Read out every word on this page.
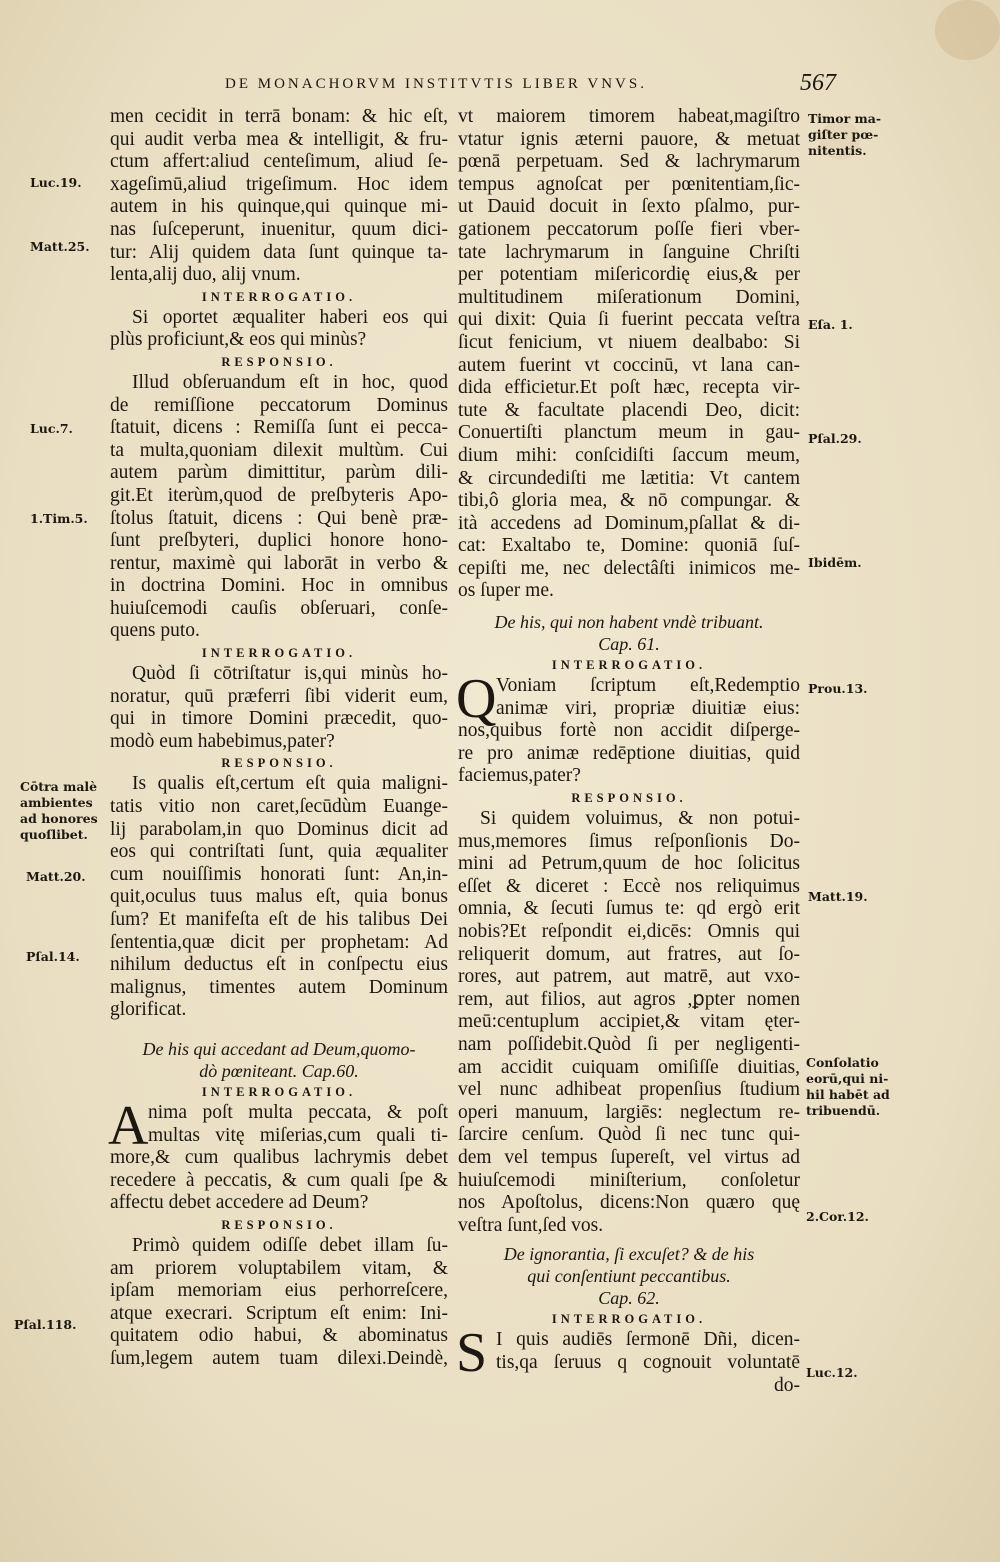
DE MONACHORVM INSTITVTIS LIBER VNVS.	567
men cecidit in terrā bonam: & hic eſt,
qui audit verba mea & intelligit, & fru-
ctum affert:aliud centeſimum, aliud ſe-
xageſimū,aliud trigeſimum. Hoc idem
autem in his quinque,qui quinque mi-
nas ſuſceperunt, inuenitur, quum dici-
tur: Alij quidem data ſunt quinque ta-
lenta,alij duo, alij vnum.
INTERROGATIO.
Si oportet æqualiter haberi eos qui
plùs proficiunt,& eos qui minùs?
RESPONSIO.
Illud obſeruandum eſt in hoc, quod
de remiſſione peccatorum Dominus
ſtatuit, dicens : Remiſſa ſunt ei pecca-
ta multa,quoniam dilexit multùm. Cui
autem parùm dimittitur, parùm dili-
git.Et iterùm,quod de preſbyteris Apo-
ſtolus ſtatuit, dicens : Qui benè præ-
ſunt preſbyteri, duplici honore hono-
rentur, maximè qui laborāt in verbo &
in doctrina Domini. Hoc in omnibus
huiuſcemodi cauſis obſeruari, conſe-
quens puto.
INTERROGATIO.
Quòd ſi cōtriſtatur is,qui minùs ho-
noratur, quū præferri ſibi viderit eum,
qui in timore Domini præcedit, quo-
modò eum habebimus,pater?
RESPONSIO.
Is qualis eſt,certum eſt quia maligni-
tatis vitio non caret,ſecūdùm Euange-
lij parabolam,in quo Dominus dicit ad
eos qui contriſtati ſunt, quia æqualiter
cum nouiſſimis honorati ſunt: An,in-
quit,oculus tuus malus eſt, quia bonus
ſum? Et manifeſta eſt de his talibus Dei
ſententia,quæ dicit per prophetam: Ad
nihilum deductus eſt in conſpectu eius
malignus, timentes autem Dominum
glorificat.
De his qui accedant ad Deum,quomo-
dò pœniteant. Cap.60.
INTERROGATIO.
A nima poſt multa peccata, & poſt
multas vitę miſerias,cum quali ti-
more,& cum qualibus lachrymis debet
recedere à peccatis, & cum quali ſpe &
affectu debet accedere ad Deum?
RESPONSIO.
Primò quidem odiſſe debet illam ſu-
am priorem voluptabilem vitam, &
ipſam memoriam eius perhorreſcere,
atque execrari. Scriptum eſt enim: Ini-
quitatem odio habui, & abominatus
ſum,legem autem tuam dilexi.Deindè,
Luc.19.
Matt.25.
Luc.7.
1.Tim.5.
Cōtra malè
ambientes
ad honores
quoſlibet.
Matt.20.
Pſal.14.
Pſal.118.
vt maiorem timorem habeat,magiſtro
vtatur ignis æterni pauore, & metuat
pœnā perpetuam. Sed & lachrymarum
tempus agnoſcat per pœnitentiam,ſic-
ut Dauid docuit in ſexto pſalmo, pur-
gationem peccatorum poſſe fieri vber-
tate lachrymarum in ſanguine Chriſti
per potentiam miſericordię eius,& per
multitudinem miſerationum Domini,
qui dixit: Quia ſi fuerint peccata veſtra
ſicut fenicium, vt niuem dealbabo: Si
autem fuerint vt coccinū, vt lana can-
dida efficietur.Et poſt hæc, recepta vir-
tute & facultate placendi Deo, dicit:
Conuertiſti planctum meum in gau-
dium mihi: conſcidiſti ſaccum meum,
& circundediſti me lætitia: Vt cantem
tibi,ô gloria mea, & nō compungar. &
ità accedens ad Dominum,pſallat & di-
cat: Exaltabo te, Domine: quoniā ſuſ-
cepiſti me, nec delectâſti inimicos me-
os ſuper me.
De his, qui non habent vndè tribuant.
Cap. 61.
INTERROGATIO.
Q Voniam ſcriptum eſt,Redemptio
animæ viri, propriæ diuitiæ eius:
nos,quibus fortè non accidit diſperge-
re pro animæ redēptione diuitias, quid
faciemus,pater?
RESPONSIO.
Si quidem voluimus, & non potui-
mus,memores ſimus reſponſionis Do-
mini ad Petrum,quum de hoc ſolicitus
eſſet & diceret : Eccè nos reliquimus
omnia, & ſecuti ſumus te: qd ergò erit
nobis?Et reſpondit ei,dicēs: Omnis qui
reliquerit domum, aut fratres, aut ſo-
rores, aut patrem, aut matrē, aut vxo-
rem, aut filios, aut agros ,ꝑpter nomen
meū:centuplum accipiet,& vitam ęter-
nam poſſidebit.Quòd ſi per negligenti-
am accidit cuiquam omiſiſſe diuitias,
vel nunc adhibeat propenſius ſtudium
operi manuum, largiēs: neglectum re-
ſarcire cenſum. Quòd ſi nec tunc qui-
dem vel tempus ſupereſt, vel virtus ad
huiuſcemodi miniſterium, conſoletur
nos Apoſtolus, dicens:Non quæro quę
veſtra ſunt,ſed vos.
De ignorantia, ſi excuſet? & de his
qui conſentiunt peccantibus.
Cap. 62.
INTERROGATIO.
S I quis audiēs ſermonē Dñi, dicen-
tis,qa ſeruus q cognouit voluntatē
do-
Timor ma-
giſter pœ-
nitentis.
Eſa. 1.
Pſal.29.
Ibidēm.
Prou.13.
Matt.19.
Conſolatio
eorū,qui ni-
hil habēt ad
tribuendū.
2.Cor.12.
Luc.12.
